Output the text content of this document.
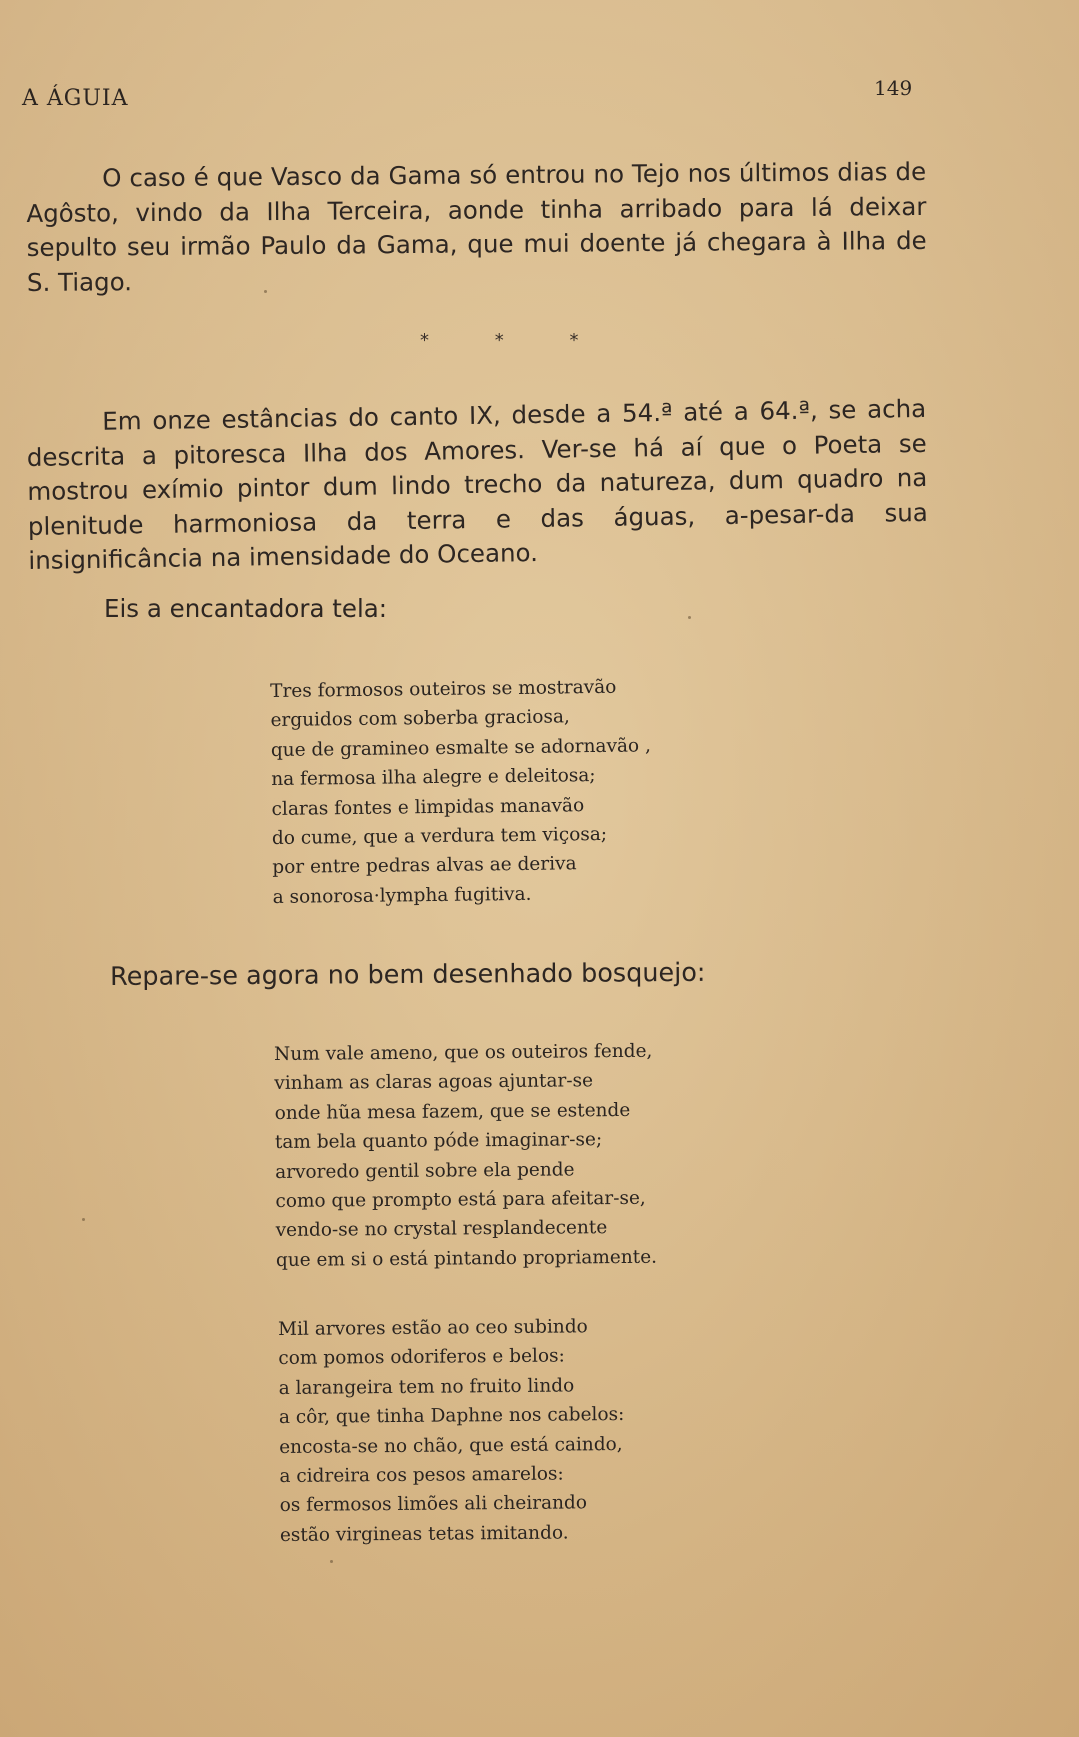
A ÁGUIA	149

O caso é que Vasco da Gama só entrou no Tejo nos últimos dias de Agôsto, vindo da Ilha Terceira, aonde tinha arribado para lá deixar sepulto seu irmão Paulo da Gama, que mui doente já chegara à Ilha de S. Tiago.

* * *

Em onze estâncias do canto IX, desde a 54.ª até a 64.ª, se acha descrita a pitoresca Ilha dos Amores. Ver-se há aí que o Poeta se mostrou exímio pintor dum lindo trecho da natureza, dum quadro na plenitude harmoniosa da terra e das águas, a-pesar-da sua insignificância na imensidade do Oceano.

Eis a encantadora tela:
Tres formosos outeiros se mostravão
erguidos com soberba graciosa,
que de gramineo esmalte se adornavão ,
na fermosa ilha alegre e deleitosa;
claras fontes e limpidas manavão
do cume, que a verdura tem viçosa;
por entre pedras alvas ae deriva
a sonorosa·lympha fugitiva.
Repare-se agora no bem desenhado bosquejo:
Num vale ameno, que os outeiros fende,
vinham as claras agoas ajuntar-se
onde hũa mesa fazem, que se estende
tam bela quanto póde imaginar-se;
arvoredo gentil sobre ela pende
como que prompto está para afeitar-se,
vendo-se no crystal resplandecente
que em si o está pintando propriamente.
Mil arvores estão ao ceo subindo
com pomos odoriferos e belos:
a larangeira tem no fruito lindo
a côr, que tinha Daphne nos cabelos:
encosta-se no chão, que está caindo,
a cidreira cos pesos amarelos:
os fermosos limões ali cheirando
estão virgineas tetas imitando.
